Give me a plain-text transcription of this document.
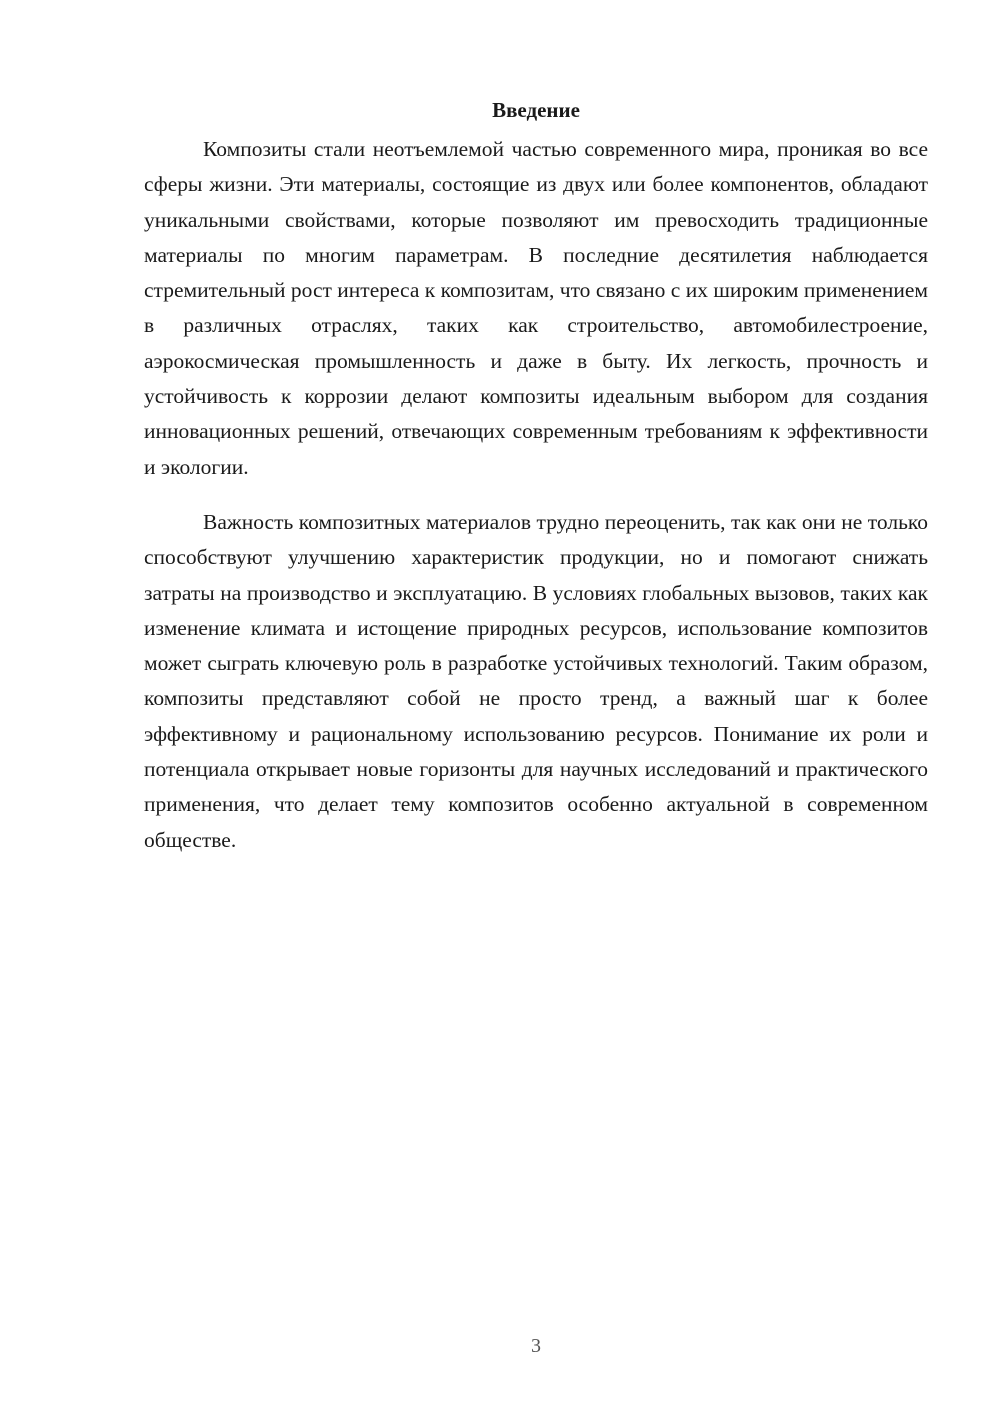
Введение

Композиты стали неотъемлемой частью современного мира, проникая во все сферы жизни. Эти материалы, состоящие из двух или более компонентов, обладают уникальными свойствами, которые позволяют им превосходить традиционные материалы по многим параметрам. В последние десятилетия наблюдается стремительный рост интереса к композитам, что связано с их широким применением в различных отраслях, таких как строительство, автомобилестроение, аэрокосмическая промышленность и даже в быту. Их легкость, прочность и устойчивость к коррозии делают композиты идеальным выбором для создания инновационных решений, отвечающих современным требованиям к эффективности и экологии.

Важность композитных материалов трудно переоценить, так как они не только способствуют улучшению характеристик продукции, но и помогают снижать затраты на производство и эксплуатацию. В условиях глобальных вызовов, таких как изменение климата и истощение природных ресурсов, использование композитов может сыграть ключевую роль в разработке устойчивых технологий. Таким образом, композиты представляют собой не просто тренд, а важный шаг к более эффективному и рациональному использованию ресурсов. Понимание их роли и потенциала открывает новые горизонты для научных исследований и практического применения, что делает тему композитов особенно актуальной в современном обществе.

3
